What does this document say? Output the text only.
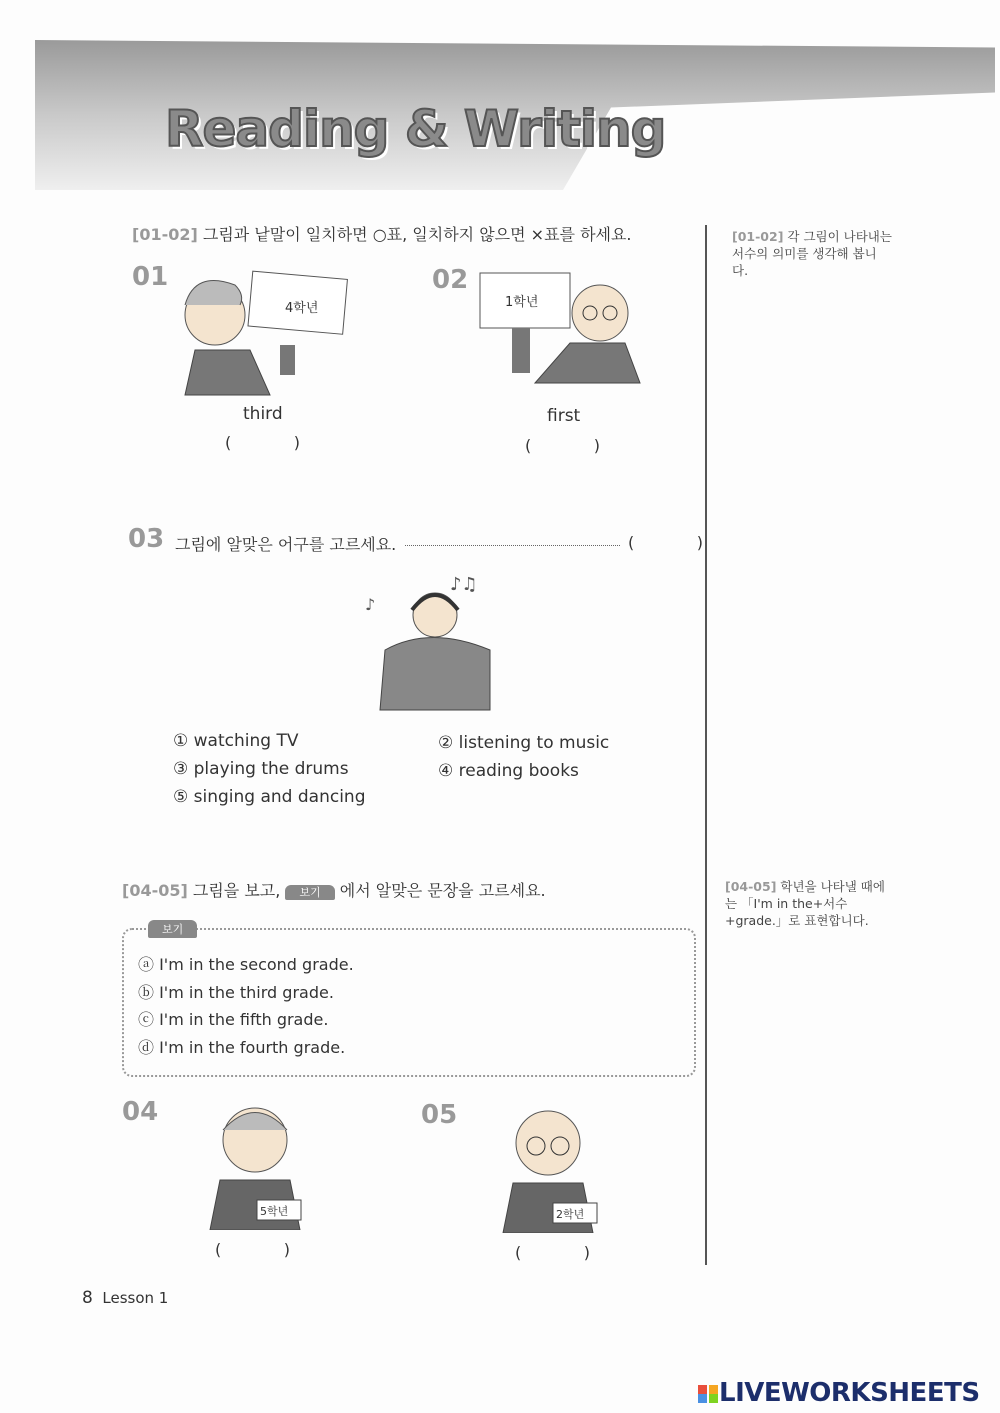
Reading & Writing
[01-02] 그림과 낱말이 일치하면 ○표, 일치하지 않으면 ×표를 하세요.	[01-02] 각 그림이 나타내는 서수의 의미를 생각해 봅니다.
01
4학년
third
(	)
02
1학년
first
(	)
03 그림에 알맞은 어구를 고르세요.	(	)
♪♫
♪
① watching TV	② listening to music
③ playing the drums	④ reading books
⑤ singing and dancing
[04-05] 그림을 보고, 보기 에서 알맞은 문장을 고르세요.	[04-05] 학년을 나타낼 때에는 「I'm in the+서수+grade.」로 표현합니다.
보기
ⓐ I'm in the second grade.
ⓑ I'm in the third grade.
ⓒ I'm in the fifth grade.
ⓓ I'm in the fourth grade.
04
5학년
(	)
05
2학년
(	)
8 Lesson 1

LIVEWORKSHEETS
